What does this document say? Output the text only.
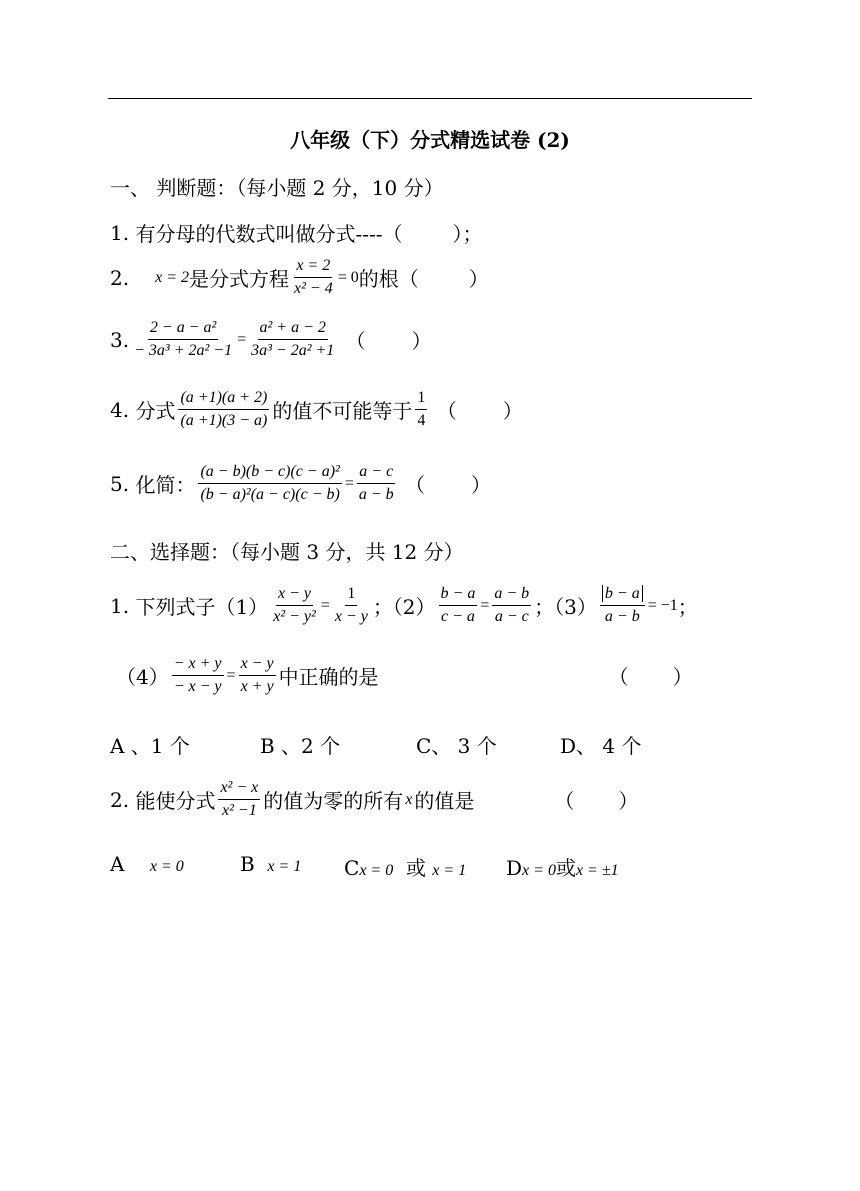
八年级（下）分式精选试卷 (2)
一、 判断题：（每小题 2 分，10 分）
1.
有分母的代数式叫做分式----（	）；
2. x = 2 是分式方程 $\frac{x = 2}{\text{x² − 4}} = 0$ 的根（	）
3. $\frac{\text{2 − a − a²}}{\text{− 3a³ + 2a² −1}} = \frac{\text{a² + a − 2}}{\text{3a³ − 2a² +1}}$
（ ）
4.
分式 $\frac{(a +1)(a + 2)}{(a +1)(3 - a)}$ 的值不可能等于 $\frac{1}{4}$
（ ）
5.
化简： $\frac{\text{(a − b)(b − c)(c − a)²}}{\text{(b − a)²(a − c)(c − b)}} = \frac{a - c}{a - b}$
（ ）
二、选择题：（每小题 3 分，共 12 分）
1.
下列式子$(1) \frac{x - y}{\text{x² − y²}} = \frac{1}{x - y}$ ；$(2) \frac{b - a}{c - a} = \frac{a - b}{a - c}$ ；$(3) \frac{b - a}{a - b} = -1$ ；
$(4) \frac{- x + y}{- x - y} = \frac{x - y}{x + y}$ 中正确的是	（ ）
A 、1 个	B 、2 个	C、 3 个	D、 4 个
2.
能使分式 $\frac{\text{x² − x}}{\text{x² −1}}$ 的值为零的所有 x 的值是	（ ）
A x = 0	B x = 1 Cx = 0 或 x = 1 Dx = 0或x = ±1
